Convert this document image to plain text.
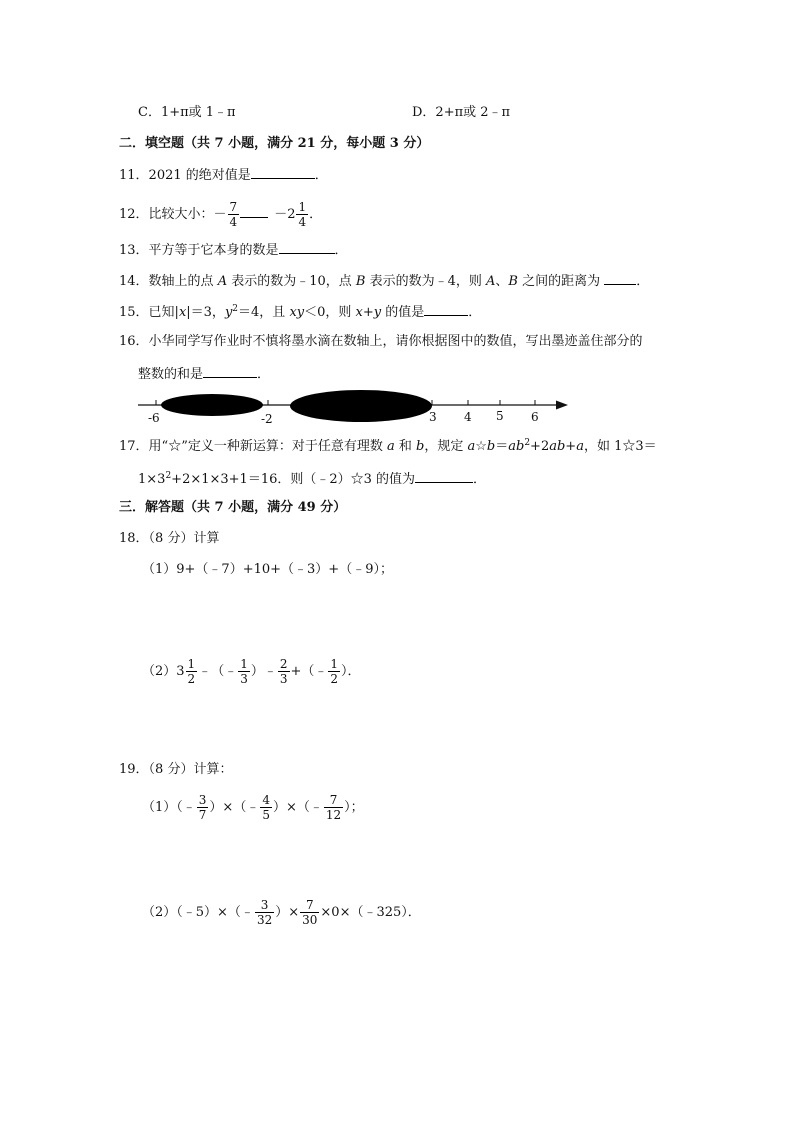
C．1+π或 1﹣π	D．2+π或 2﹣π
二．填空题（共 7 小题，满分 21 分，每小题 3 分）
11．2021 的绝对值是	．
12．比较大小：－ $\frac{7}{4}$	$-2 \frac{1}{4}$ ．
13．平方等于它本身的数是	．
14．数轴上的点 A 表示的数为﹣10，点 B 表示的数为﹣4，则 A、B 之间的距离为 ．
15．已知|x|＝3，$y^2=4$，且 xy＜0，则 x+y 的值是	．
16．小华同学写作业时不慎将墨水滴在数轴上，请你根据图中的数值，写出墨迹盖住部分的
整数的和是	．
-6	-2	3 4 5 6
17．用“☆”定义一种新运算：对于任意有理数 a 和 b，规定 $a☆b=ab^2+2ab+a$，如 1☆3＝
$1\times 3^2+2\times 1\times 3+1=16$．则（﹣2）☆3 的值为	．
三．解答题（共 7 小题，满分 49 分）
18．（8 分）计算
（1）9+（﹣7）+10+（﹣3）+（﹣9）；
$(2)3 \frac{1}{2}$ ﹣（﹣ $\frac{1}{3}$ ）﹣ $\frac{2}{3}$ +（﹣ $\frac{1}{2}$ ）．
19．（8 分）计算：
（1）（﹣ $\frac{3}{7}$ ）×（﹣ $\frac{4}{5}$ ）×（﹣ $\frac{7}{12}$ ）；
（2）（﹣5）×（﹣ $\frac{3}{32}$ ）× $\frac{7}{30}$ ×0×（﹣325）．
